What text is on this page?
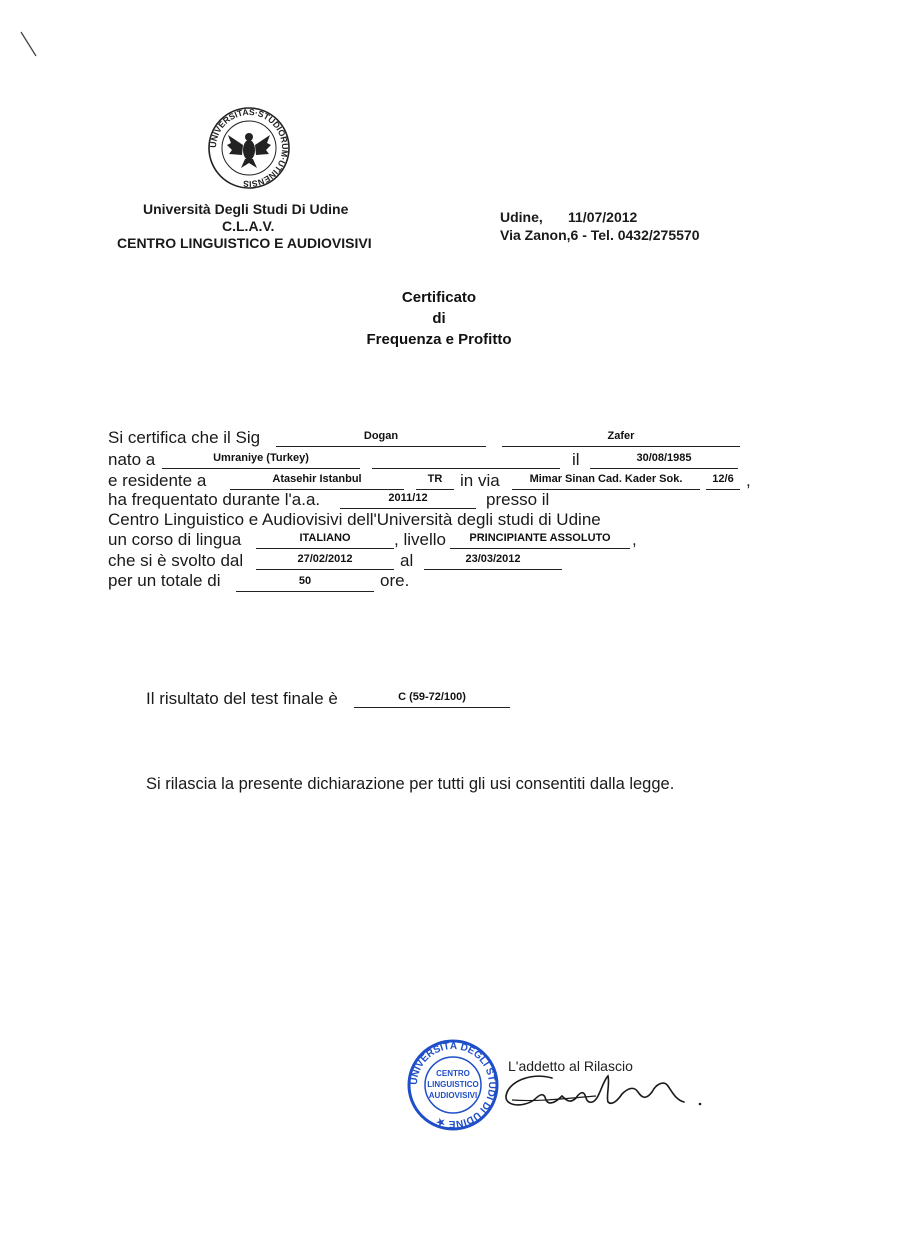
UNIVERSITAS·STUDIORUM·UTINENSIS
Università Degli Studi Di Udine
C.L.A.V.
CENTRO LINGUISTICO E AUDIOVISIVI
Udine, 11/07/2012
Via Zanon,6 - Tel. 0432/275570
Certificato
di
Frequenza e Profitto
Si certifica che il Sig	Dogan	Zafer
nato a	Umraniye (Turkey)	il	30/08/1985
e residente a	Atasehir Istanbul	TR	in via	Mimar Sinan Cad. Kader Sok.	12/6 ,
ha frequentato durante l'a.a.	2011/12	presso il
Centro Linguistico e Audiovisivi dell'Università degli studi di Udine
un corso di lingua	ITALIANO	, livello	PRINCIPIANTE ASSOLUTO	,
che si è svolto dal	27/02/2012	al	23/03/2012
per un totale di	50	ore.
Il risultato del test finale è	C (59-72/100)
Si rilascia la presente dichiarazione per tutti gli usi consentiti dalla legge.
UNIVERSITÀ DEGLI STUDI DI UDINE ★
CENTRO
LINGUISTICO
AUDIOVISIVI
L'addetto al Rilascio
